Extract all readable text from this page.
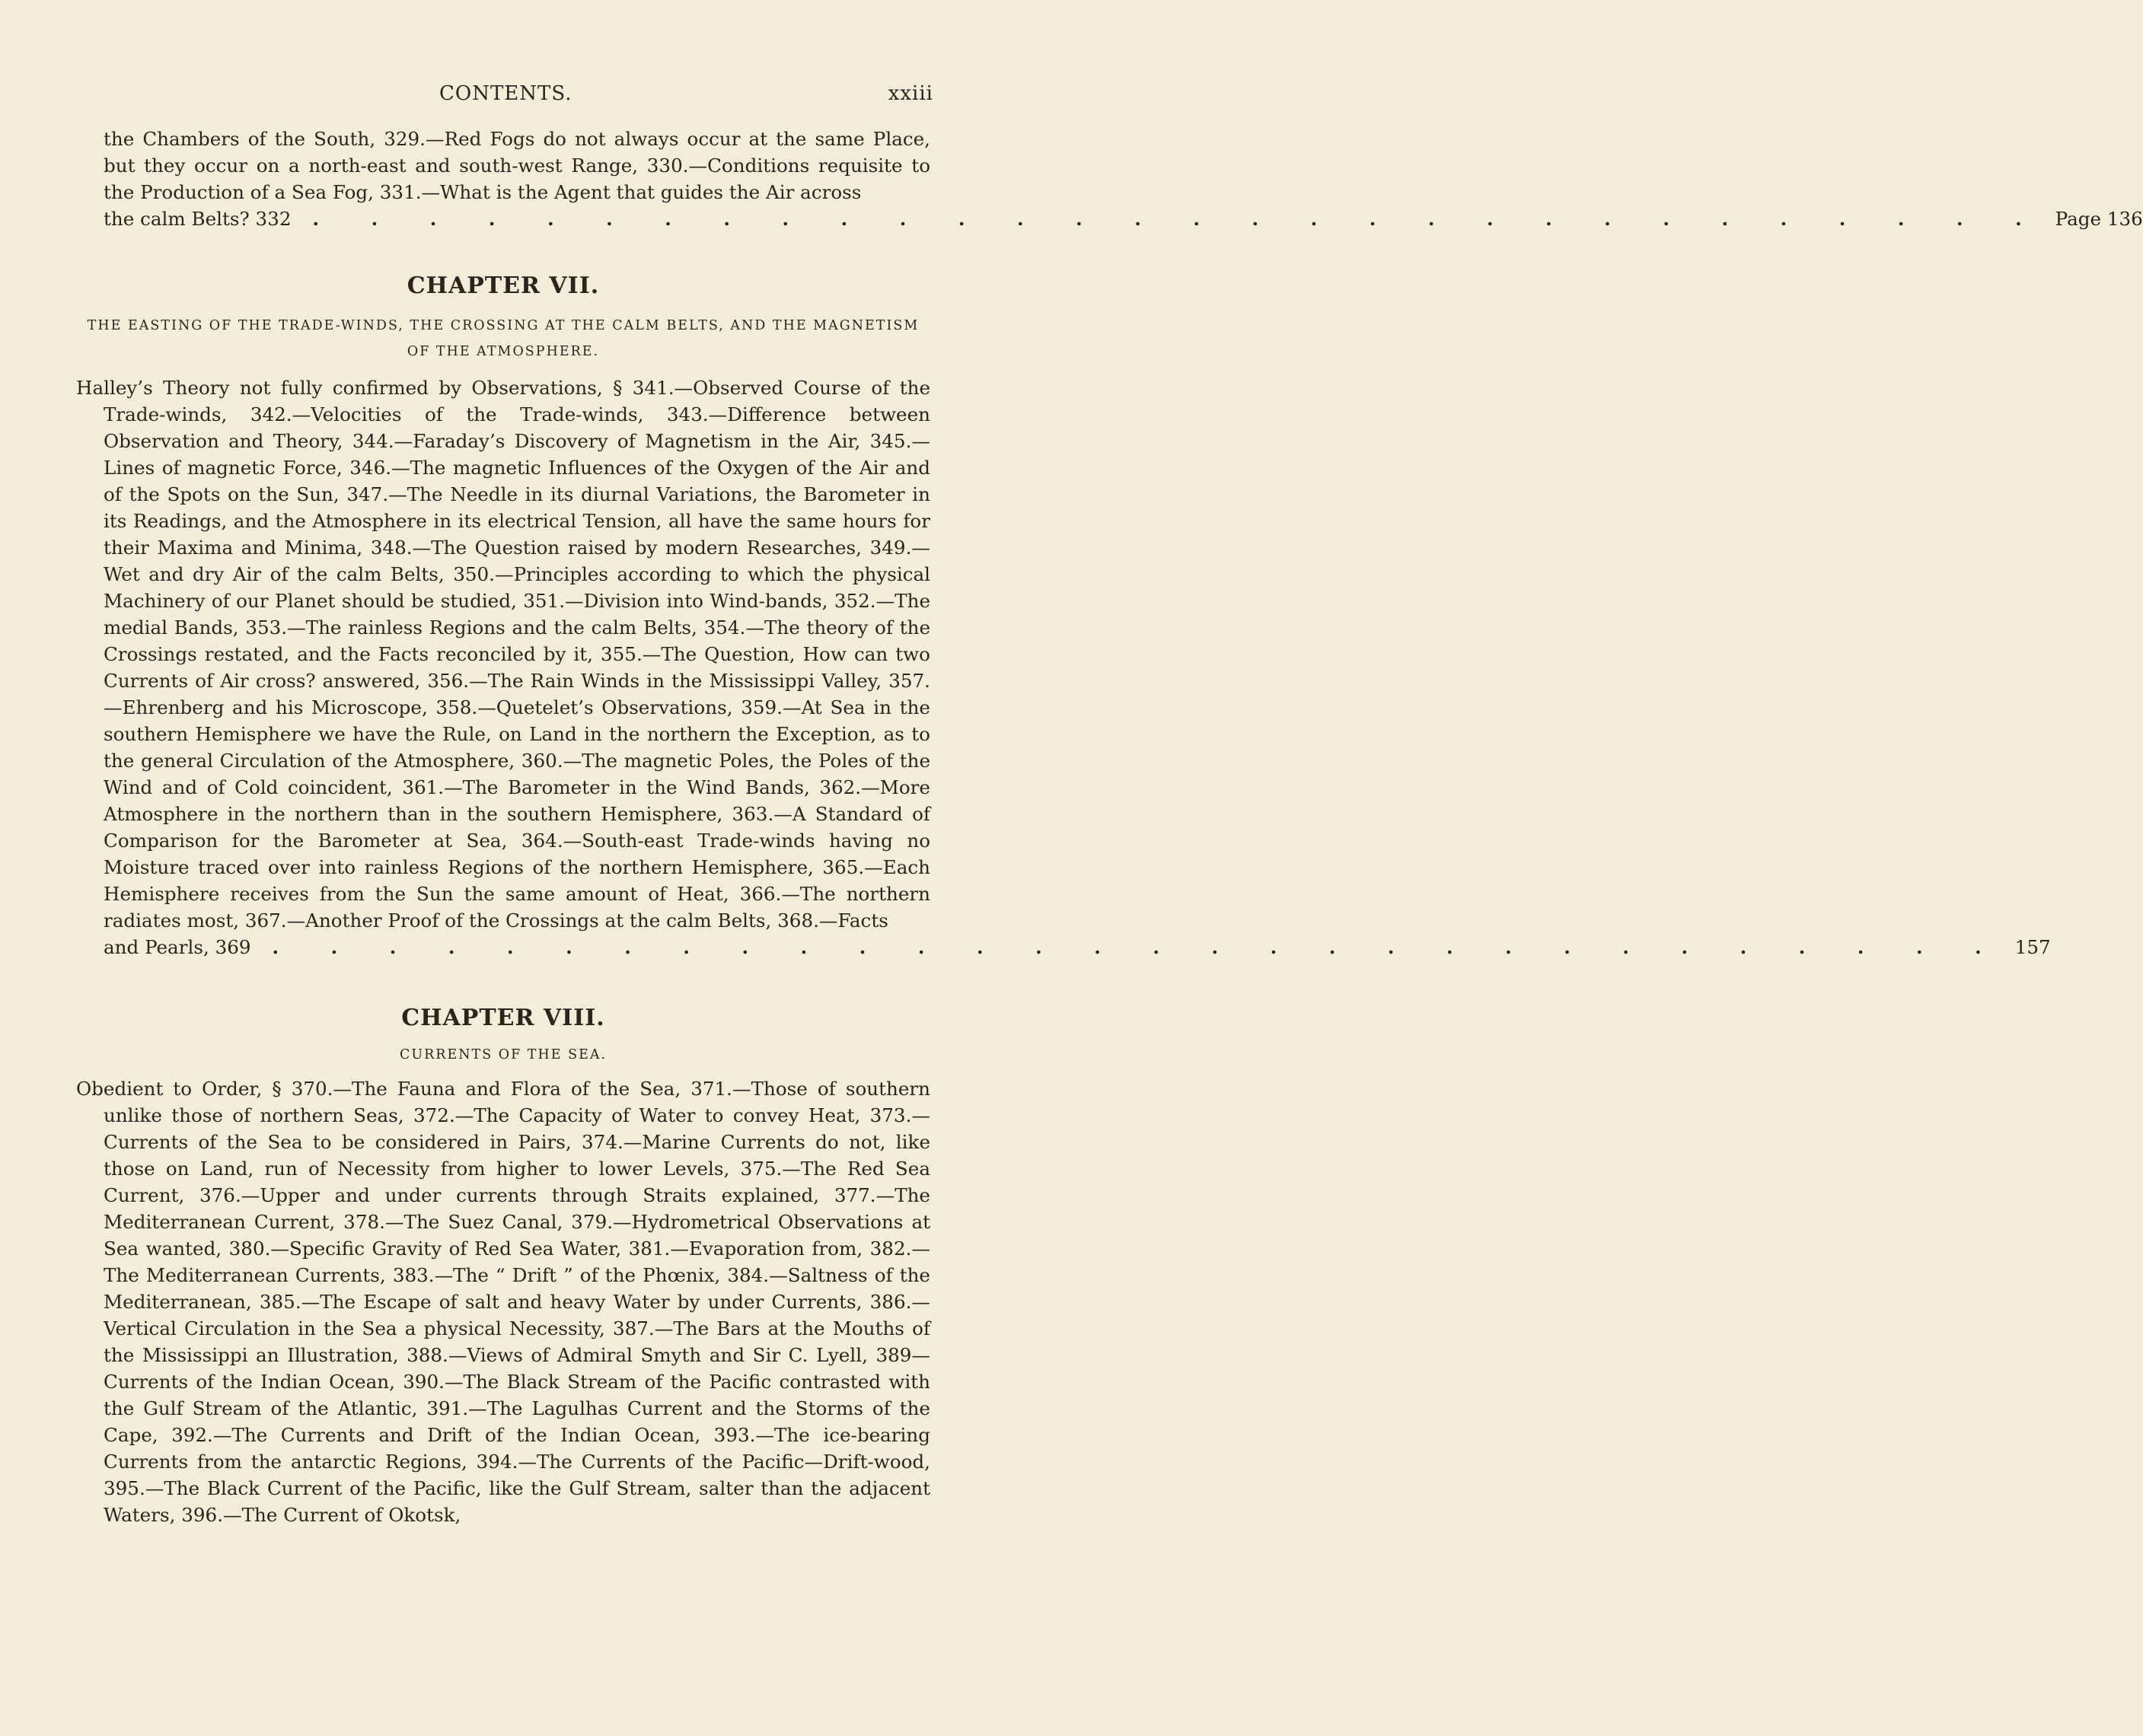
CONTENTS.	xxiii

the Chambers of the South, 329.—Red Fogs do not always occur at the same Place, but they occur on a north-east and south-west Range, 330.—Conditions requisite to the Production of a Sea Fog, 331.—What is the Agent that guides the Air across

the calm Belts? 332	. . . . . . . . . . . . . . . . . . . . . . . . . . . . . . Page 136
CHAPTER VII.

THE EASTING OF THE TRADE-WINDS, THE CROSSING AT THE CALM BELTS, AND THE MAGNETISM OF THE ATMOSPHERE.

Halley’s Theory not fully confirmed by Observations, § 341.—Observed Course of the Trade-winds, 342.—Velocities of the Trade-winds, 343.—Difference between Observation and Theory, 344.—Faraday’s Discovery of Magnetism in the Air, 345.—Lines of magnetic Force, 346.—The magnetic Influences of the Oxygen of the Air and of the Spots on the Sun, 347.—The Needle in its diurnal Variations, the Barometer in its Readings, and the Atmosphere in its electrical Tension, all have the same hours for their Maxima and Minima, 348.—The Question raised by modern Researches, 349.—Wet and dry Air of the calm Belts, 350.—Principles according to which the physical Machinery of our Planet should be studied, 351.—Division into Wind-bands, 352.—The medial Bands, 353.—The rainless Regions and the calm Belts, 354.—The theory of the Crossings restated, and the Facts reconciled by it, 355.—The Question, How can two Currents of Air cross? answered, 356.—The Rain Winds in the Mississippi Valley, 357.—Ehrenberg and his Microscope, 358.—Quetelet’s Observations, 359.—At Sea in the southern Hemisphere we have the Rule, on Land in the northern the Exception, as to the general Circulation of the Atmosphere, 360.—The magnetic Poles, the Poles of the Wind and of Cold coincident, 361.—The Barometer in the Wind Bands, 362.—More Atmosphere in the northern than in the southern Hemisphere, 363.—A Standard of Comparison for the Barometer at Sea, 364.—South-east Trade-winds having no Moisture traced over into rainless Regions of the northern Hemisphere, 365.—Each Hemisphere receives from the Sun the same amount of Heat, 366.—The northern radiates most, 367.—Another Proof of the Crossings at the calm Belts, 368.—Facts

and Pearls, 369	. . . . . . . . . . . . . . . . . . . . . . . . . . . . . . 157
CHAPTER VIII.

CURRENTS OF THE SEA.

Obedient to Order, § 370.—The Fauna and Flora of the Sea, 371.—Those of southern unlike those of northern Seas, 372.—The Capacity of Water to convey Heat, 373.—Currents of the Sea to be considered in Pairs, 374.—Marine Currents do not, like those on Land, run of Necessity from higher to lower Levels, 375.—The Red Sea Current, 376.—Upper and under currents through Straits explained, 377.—The Mediterranean Current, 378.—The Suez Canal, 379.—Hydrometrical Observations at Sea wanted, 380.—Specific Gravity of Red Sea Water, 381.—Evaporation from, 382.—The Mediterranean Currents, 383.—The “ Drift ” of the Phœnix, 384.—Saltness of the Mediterranean, 385.—The Escape of salt and heavy Water by under Currents, 386.—Vertical Circulation in the Sea a physical Necessity, 387.—The Bars at the Mouths of the Mississippi an Illustration, 388.—Views of Admiral Smyth and Sir C. Lyell, 389—Currents of the Indian Ocean, 390.—The Black Stream of the Pacific contrasted with the Gulf Stream of the Atlantic, 391.—The Lagulhas Current and the Storms of the Cape, 392.—The Currents and Drift of the Indian Ocean, 393.—The ice-bearing Currents from the antarctic Regions, 394.—The Currents of the Pacific—Drift-wood, 395.—The Black Current of the Pacific, like the Gulf Stream, salter than the adjacent Waters, 396.—The Current of Okotsk,
